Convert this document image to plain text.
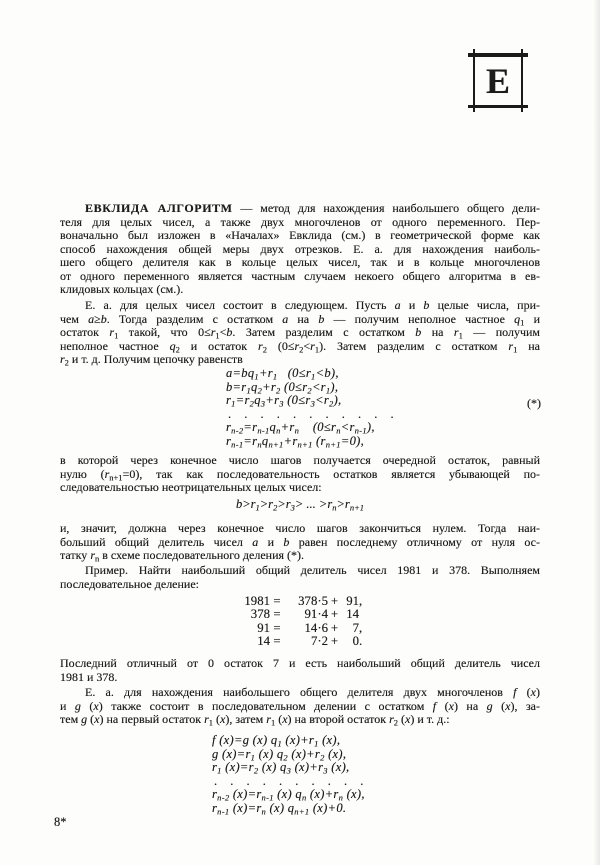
Е
ЕВКЛИДА АЛГОРИТМ — метод для нахождения наибольшего общего дели-
теля для целых чисел, а также двух многочленов от одного переменного. Пер-
воначально был изложен в «Началах» Евклида (см.) в геометрической форме как
способ нахождения общей меры двух отрезков. Е. а. для нахождения наиболь-
шего общего делителя как в кольце целых чисел, так и в кольце многочленов
от одного переменного является частным случаем некоего общего алгоритма в ев-
клидовых кольцах (см.).
Е. а. для целых чисел состоит в следующем. Пусть a и b целые числа, при-
чем a≥b. Тогда разделим с остатком a на b — получим неполное частное $q_1$ и
остаток $r_1$ такой, что $0\le r_1<b$. Затем разделим с остатком b на $r_1$ — получим
неполное частное $q_2$ и остаток $r_2$ $(0\le r_2<r_1)$. Затем разделим с остатком $r_1$ на
$r_2$ и т. д. Получим цепочку равенств
$a=bq_1+r_1$   $(0\le r_1<b)$,
$b=r_1q_2+r_2$ $(0\le r_2<r_1)$,
$r_1=r_2q_3+r_3$ $(0\le r_3<r_2)$,
. . . . . . . . . . .
$r_{n-2}=r_{n-1}q_n+r_n$    $(0\le r_n<r_{n-1})$,
$r_{n-1}=r_nq_{n+1}+r_{n+1}$ $(r_{n+1}=0)$,
(*)
в которой через конечное число шагов получается очередной остаток, равный
нулю $(r_{n+1}=0)$, так как последовательность остатков является убывающей по-
следовательностью неотрицательных целых чисел:
$b>r_1>r_2>r_3>$ ... $>r_n>r_{n+1}$
и, значит, должна через конечное число шагов закончиться нулем. Тогда наи-
больший общий делитель чисел a и b равен последнему отличному от нуля ос-
татку $r_n$ в схеме последовательного деления (*).
Пример. Найти наибольший общий делитель чисел 1981 и 378. Выполняем
последовательное деление:
1981 =	378·5 + 91 ,
378 =	91·4 + 14
91 =	14·6 +	7 ,
14 =	7·2 +	0 .
Последний отличный от 0 остаток 7 и есть наибольший общий делитель чисел
1981 и 378.
Е. а. для нахождения наибольшего общего делителя двух многочленов f (x)
и g (x) также состоит в последовательном делении с остатком f (x) на g (x), за-
тем g (x) на первый остаток $r_1$ (x), затем $r_1$ (x) на второй остаток $r_2$ (x) и т. д.:
f (x)=g (x) $q_1$ $(x)+r_1$ (x),
g $(x)=r_1$ (x) $q_2$ $(x)+r_2$ (x),
$r_1$ $(x)=r_2$ (x) $q_3$ $(x)+r_3$ (x),
. . . . . . . . . .
$r_{n-2}$ $(x)=r_{n-1}$ (x) $q_n$ $(x)+r_n$ (x),
$r_{n-1}$ $(x)=r_n$ (x) $q_{n+1}$ (x)+0.
8*
